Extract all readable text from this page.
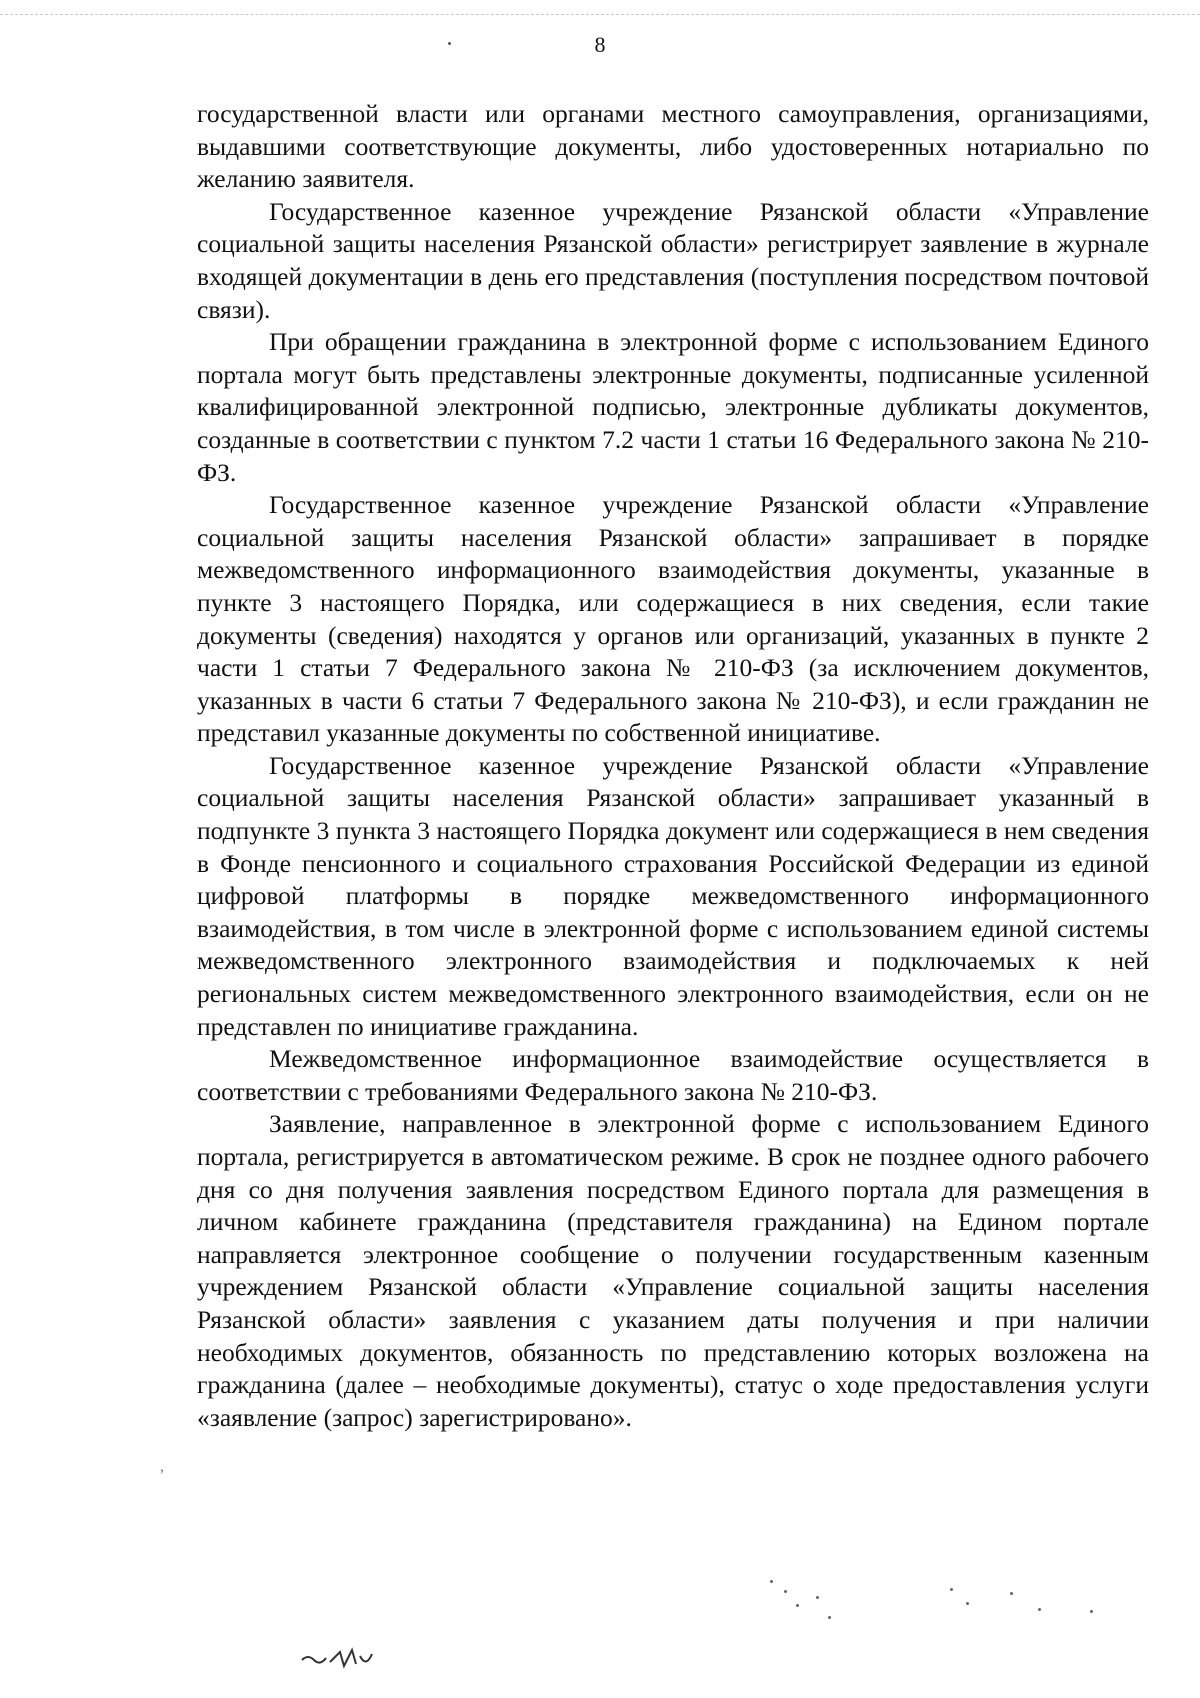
8

государственной власти или органами местного самоуправления, организациями, выдавшими соответствующие документы, либо удостоверенных нотариально по желанию заявителя.

Государственное казенное учреждение Рязанской области «Управление социальной защиты населения Рязанской области» регистрирует заявление в журнале входящей документации в день его представления (поступления посредством почтовой связи).

При обращении гражданина в электронной форме с использованием Единого портала могут быть представлены электронные документы, подписанные усиленной квалифицированной электронной подписью, электронные дубликаты документов, созданные в соответствии с пунктом 7.2 части 1 статьи 16 Федерального закона № 210-ФЗ.

Государственное казенное учреждение Рязанской области «Управление социальной защиты населения Рязанской области» запрашивает в порядке межведомственного информационного взаимодействия документы, указанные в пункте 3 настоящего Порядка, или содержащиеся в них сведения, если такие документы (сведения) находятся у органов или организаций, указанных в пункте 2 части 1 статьи 7 Федерального закона № 210-ФЗ (за исключением документов, указанных в части 6 статьи 7 Федерального закона № 210-ФЗ), и если гражданин не представил указанные документы по собственной инициативе.

Государственное казенное учреждение Рязанской области «Управление социальной защиты населения Рязанской области» запрашивает указанный в подпункте 3 пункта 3 настоящего Порядка документ или содержащиеся в нем сведения в Фонде пенсионного и социального страхования Российской Федерации из единой цифровой платформы в порядке межведомственного информационного взаимодействия, в том числе в электронной форме с использованием единой системы межведомственного электронного взаимодействия и подключаемых к ней региональных систем межведомственного электронного взаимодействия, если он не представлен по инициативе гражданина.

Межведомственное информационное взаимодействие осуществляется в соответствии с требованиями Федерального закона № 210-ФЗ.

Заявление, направленное в электронной форме с использованием Единого портала, регистрируется в автоматическом режиме. В срок не позднее одного рабочего дня со дня получения заявления посредством Единого портала для размещения в личном кабинете гражданина (представителя гражданина) на Едином портале направляется электронное сообщение о получении государственным казенным учреждением Рязанской области «Управление социальной защиты населения Рязанской области» заявления с указанием даты получения и при наличии необходимых документов, обязанность по представлению которых возложена на гражданина (далее – необходимые документы), статус о ходе предоставления услуги «заявление (запрос) зарегистрировано».

,
